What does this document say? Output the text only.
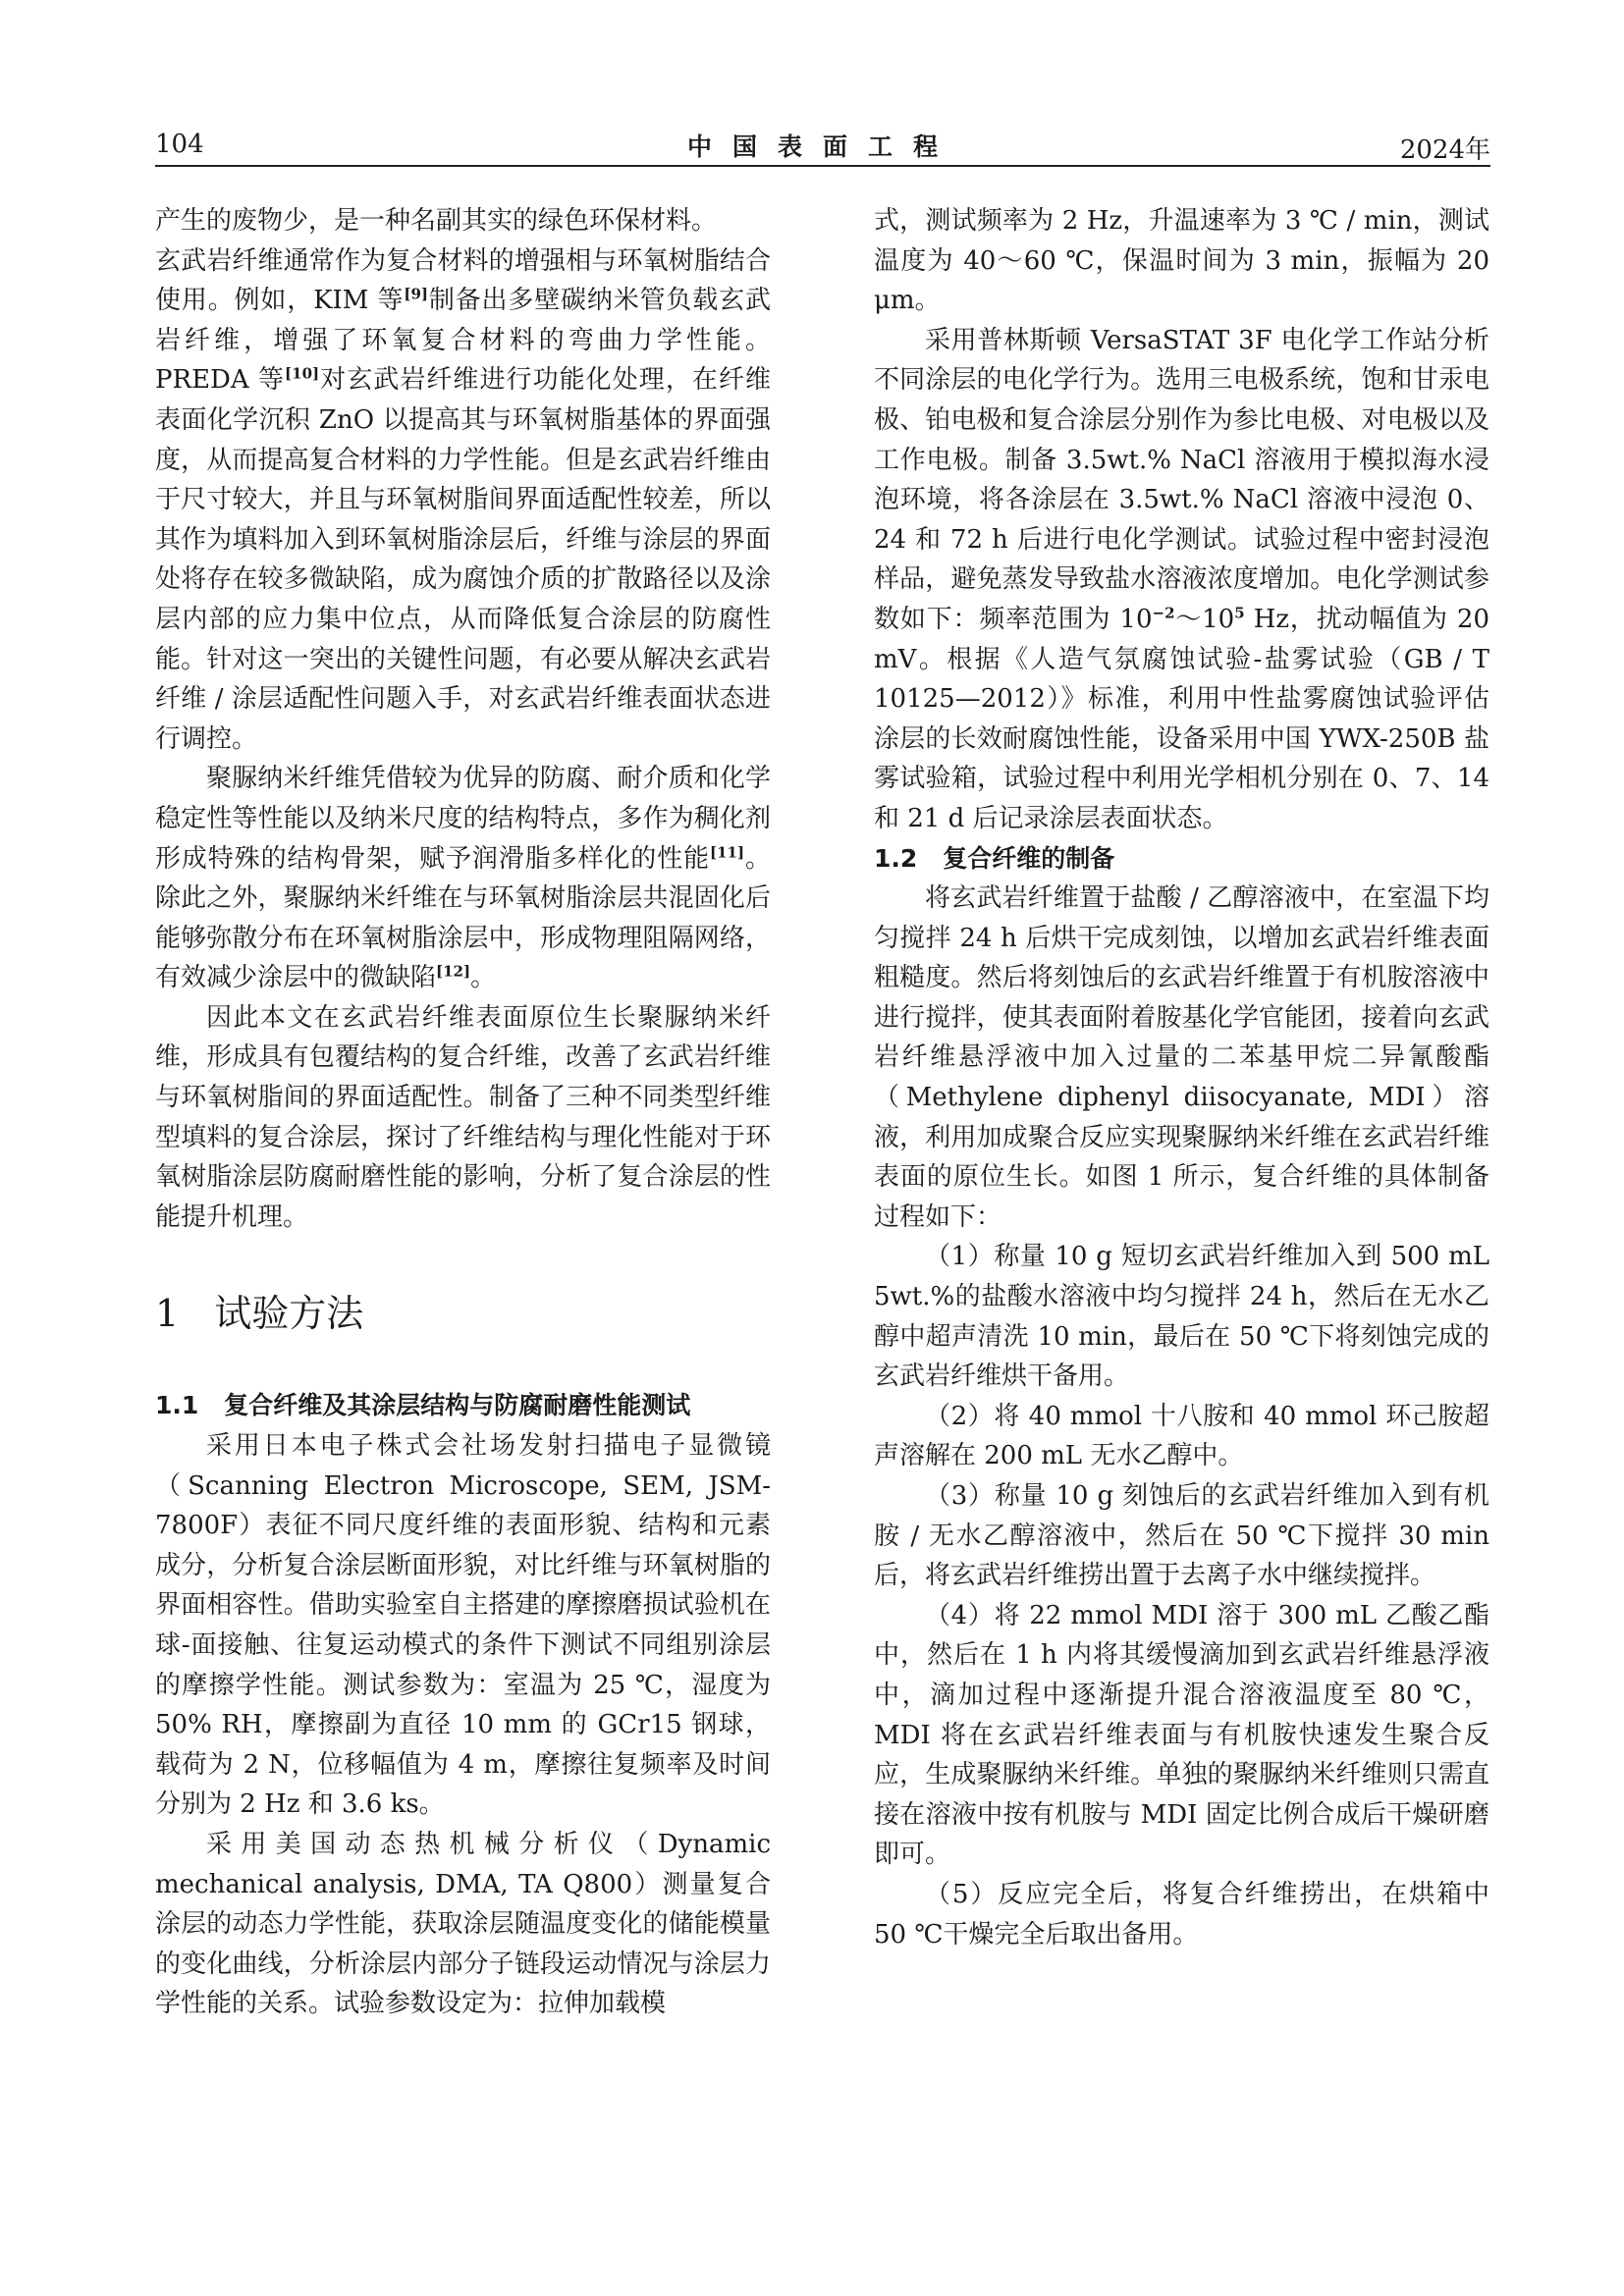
104	中国表面工程	2024年

产生的废物少，是一种名副其实的绿色环保材料。

玄武岩纤维通常作为复合材料的增强相与环氧树脂结合使用。例如，KIM 等[9]制备出多壁碳纳米管负载玄武岩纤维，增强了环氧复合材料的弯曲力学性能。PREDA 等[10]对玄武岩纤维进行功能化处理，在纤维表面化学沉积 ZnO 以提高其与环氧树脂基体的界面强度，从而提高复合材料的力学性能。但是玄武岩纤维由于尺寸较大，并且与环氧树脂间界面适配性较差，所以其作为填料加入到环氧树脂涂层后，纤维与涂层的界面处将存在较多微缺陷，成为腐蚀介质的扩散路径以及涂层内部的应力集中位点，从而降低复合涂层的防腐性能。针对这一突出的关键性问题，有必要从解决玄武岩纤维 / 涂层适配性问题入手，对玄武岩纤维表面状态进行调控。

聚脲纳米纤维凭借较为优异的防腐、耐介质和化学稳定性等性能以及纳米尺度的结构特点，多作为稠化剂形成特殊的结构骨架，赋予润滑脂多样化的性能[11]。除此之外，聚脲纳米纤维在与环氧树脂涂层共混固化后能够弥散分布在环氧树脂涂层中，形成物理阻隔网络，有效减少涂层中的微缺陷[12]。

因此本文在玄武岩纤维表面原位生长聚脲纳米纤维，形成具有包覆结构的复合纤维，改善了玄武岩纤维与环氧树脂间的界面适配性。制备了三种不同类型纤维型填料的复合涂层，探讨了纤维结构与理化性能对于环氧树脂涂层防腐耐磨性能的影响，分析了复合涂层的性能提升机理。

1 试验方法

1.1 复合纤维及其涂层结构与防腐耐磨性能测试

采用日本电子株式会社场发射扫描电子显微镜（Scanning Electron Microscope, SEM, JSM-7800F）表征不同尺度纤维的表面形貌、结构和元素成分，分析复合涂层断面形貌，对比纤维与环氧树脂的界面相容性。借助实验室自主搭建的摩擦磨损试验机在球-面接触、往复运动模式的条件下测试不同组别涂层的摩擦学性能。测试参数为：室温为 25 ℃，湿度为 50% RH，摩擦副为直径 10 mm 的 GCr15 钢球，载荷为 2 N，位移幅值为 4 m，摩擦往复频率及时间分别为 2 Hz 和 3.6 ks。

采用美国动态热机械分析仪（Dynamic mechanical analysis, DMA, TA Q800）测量复合涂层的动态力学性能，获取涂层随温度变化的储能模量的变化曲线，分析涂层内部分子链段运动情况与涂层力学性能的关系。试验参数设定为：拉伸加载模

式，测试频率为 2 Hz，升温速率为 3 ℃ / min，测试温度为 40～60 ℃，保温时间为 3 min，振幅为 20 μm。

采用普林斯顿 VersaSTAT 3F 电化学工作站分析不同涂层的电化学行为。选用三电极系统，饱和甘汞电极、铂电极和复合涂层分别作为参比电极、对电极以及工作电极。制备 3.5wt.% NaCl 溶液用于模拟海水浸泡环境，将各涂层在 3.5wt.% NaCl 溶液中浸泡 0、24 和 72 h 后进行电化学测试。试验过程中密封浸泡样品，避免蒸发导致盐水溶液浓度增加。电化学测试参数如下：频率范围为 $10^{-2}\sim 10^5$ Hz，扰动幅值为 20 mV。根据《人造气氛腐蚀试验-盐雾试验（GB / T 10125—2012）》标准，利用中性盐雾腐蚀试验评估涂层的长效耐腐蚀性能，设备采用中国 YWX-250B 盐雾试验箱，试验过程中利用光学相机分别在 0、7、14 和 21 d 后记录涂层表面状态。

1.2 复合纤维的制备

将玄武岩纤维置于盐酸 / 乙醇溶液中，在室温下均匀搅拌 24 h 后烘干完成刻蚀，以增加玄武岩纤维表面粗糙度。然后将刻蚀后的玄武岩纤维置于有机胺溶液中进行搅拌，使其表面附着胺基化学官能团，接着向玄武岩纤维悬浮液中加入过量的二苯基甲烷二异氰酸酯（Methylene diphenyl diisocyanate, MDI）溶液，利用加成聚合反应实现聚脲纳米纤维在玄武岩纤维表面的原位生长。如图 1 所示，复合纤维的具体制备过程如下：

（1）称量 10 g 短切玄武岩纤维加入到 500 mL 5wt.%的盐酸水溶液中均匀搅拌 24 h，然后在无水乙醇中超声清洗 10 min，最后在 50 ℃下将刻蚀完成的玄武岩纤维烘干备用。

（2）将 40 mmol 十八胺和 40 mmol 环己胺超声溶解在 200 mL 无水乙醇中。

（3）称量 10 g 刻蚀后的玄武岩纤维加入到有机胺 / 无水乙醇溶液中，然后在 50 ℃下搅拌 30 min 后，将玄武岩纤维捞出置于去离子水中继续搅拌。

（4）将 22 mmol MDI 溶于 300 mL 乙酸乙酯中，然后在 1 h 内将其缓慢滴加到玄武岩纤维悬浮液中，滴加过程中逐渐提升混合溶液温度至 80 ℃，MDI 将在玄武岩纤维表面与有机胺快速发生聚合反应，生成聚脲纳米纤维。单独的聚脲纳米纤维则只需直接在溶液中按有机胺与 MDI 固定比例合成后干燥研磨即可。

（5）反应完全后，将复合纤维捞出，在烘箱中 50 ℃干燥完全后取出备用。
